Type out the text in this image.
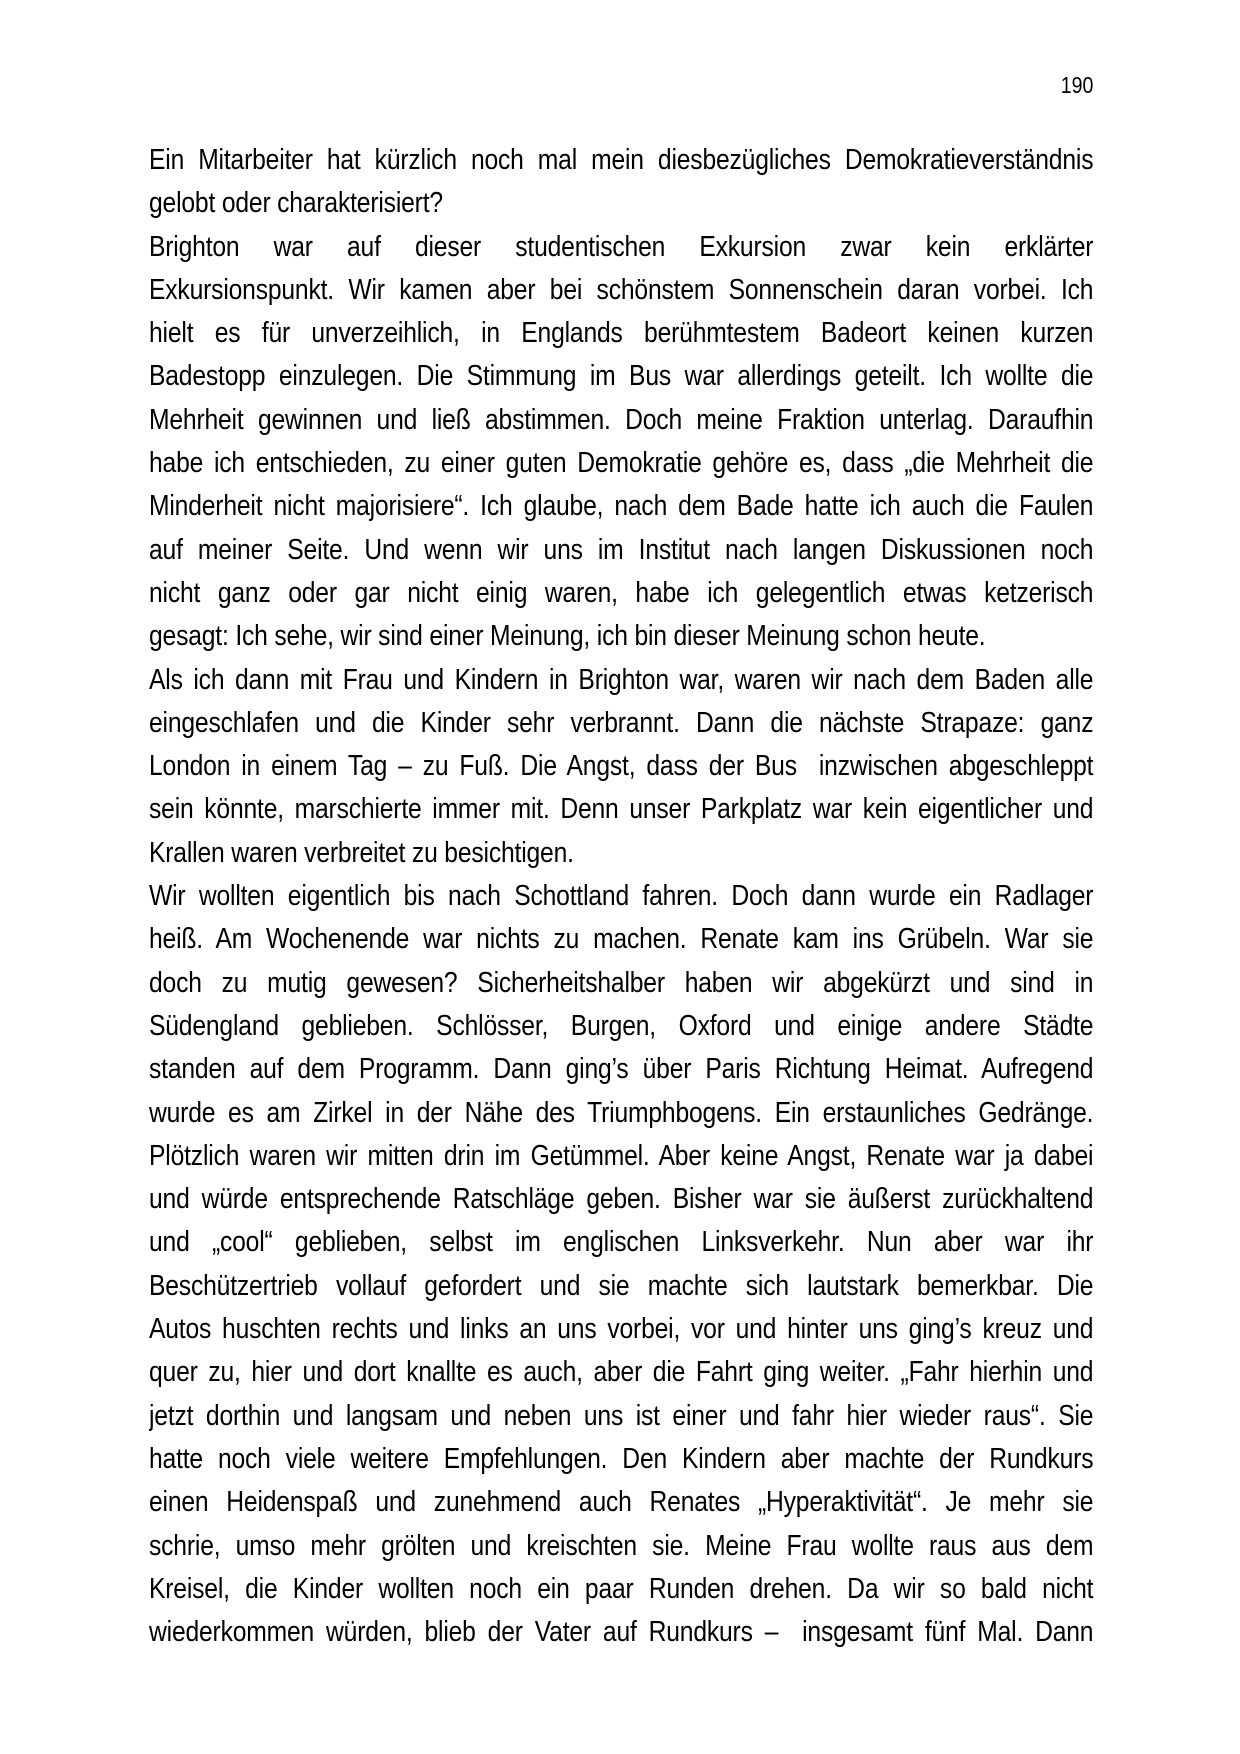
190
Ein Mitarbeiter hat kürzlich noch mal mein diesbezügliches Demokratieverständnis
gelobt oder charakterisiert?
Brighton war auf dieser studentischen Exkursion zwar kein erklärter
Exkursionspunkt. Wir kamen aber bei schönstem Sonnenschein daran vorbei. Ich
hielt es für unverzeihlich, in Englands berühmtestem Badeort keinen kurzen
Badestopp einzulegen. Die Stimmung im Bus war allerdings geteilt. Ich wollte die
Mehrheit gewinnen und ließ abstimmen. Doch meine Fraktion unterlag. Daraufhin
habe ich entschieden, zu einer guten Demokratie gehöre es, dass „die Mehrheit die
Minderheit nicht majorisiere“. Ich glaube, nach dem Bade hatte ich auch die Faulen
auf meiner Seite. Und wenn wir uns im Institut nach langen Diskussionen noch
nicht ganz oder gar nicht einig waren, habe ich gelegentlich etwas ketzerisch
gesagt: Ich sehe, wir sind einer Meinung, ich bin dieser Meinung schon heute.
Als ich dann mit Frau und Kindern in Brighton war, waren wir nach dem Baden alle
eingeschlafen und die Kinder sehr verbrannt. Dann die nächste Strapaze: ganz
London in einem Tag – zu Fuß. Die Angst, dass der Bus  inzwischen abgeschleppt
sein könnte, marschierte immer mit. Denn unser Parkplatz war kein eigentlicher und
Krallen waren verbreitet zu besichtigen.
Wir wollten eigentlich bis nach Schottland fahren. Doch dann wurde ein Radlager
heiß. Am Wochenende war nichts zu machen. Renate kam ins Grübeln. War sie
doch zu mutig gewesen? Sicherheitshalber haben wir abgekürzt und sind in
Südengland geblieben. Schlösser, Burgen, Oxford und einige andere Städte
standen auf dem Programm. Dann ging’s über Paris Richtung Heimat. Aufregend
wurde es am Zirkel in der Nähe des Triumphbogens. Ein erstaunliches Gedränge.
Plötzlich waren wir mitten drin im Getümmel. Aber keine Angst, Renate war ja dabei
und würde entsprechende Ratschläge geben. Bisher war sie äußerst zurückhaltend
und „cool“ geblieben, selbst im englischen Linksverkehr. Nun aber war ihr
Beschützertrieb vollauf gefordert und sie machte sich lautstark bemerkbar. Die
Autos huschten rechts und links an uns vorbei, vor und hinter uns ging’s kreuz und
quer zu, hier und dort knallte es auch, aber die Fahrt ging weiter. „Fahr hierhin und
jetzt dorthin und langsam und neben uns ist einer und fahr hier wieder raus“. Sie
hatte noch viele weitere Empfehlungen. Den Kindern aber machte der Rundkurs
einen Heidenspaß und zunehmend auch Renates „Hyperaktivität“. Je mehr sie
schrie, umso mehr grölten und kreischten sie. Meine Frau wollte raus aus dem
Kreisel, die Kinder wollten noch ein paar Runden drehen. Da wir so bald nicht
wiederkommen würden, blieb der Vater auf Rundkurs –  insgesamt fünf Mal. Dann
